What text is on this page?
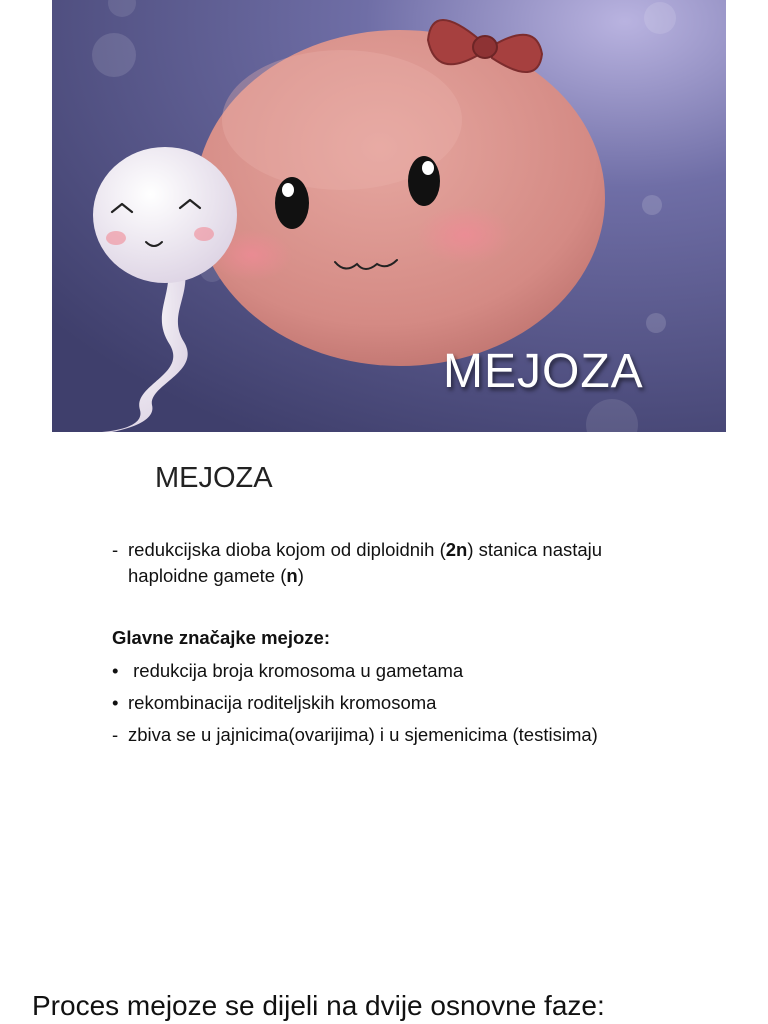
MEJOZA
MEJOZA
- redukcijska dioba kojom od diploidnih (2n) stanica nastaju
haploidne gamete (n)
Glavne značajke mejoze:
• redukcija broja kromosoma u gametama
• rekombinacija roditeljskih kromosoma
- zbiva se u jajnicima(ovarijima) i u sjemenicima (testisima)
Proces mejoze se dijeli na dvije osnovne faze:
